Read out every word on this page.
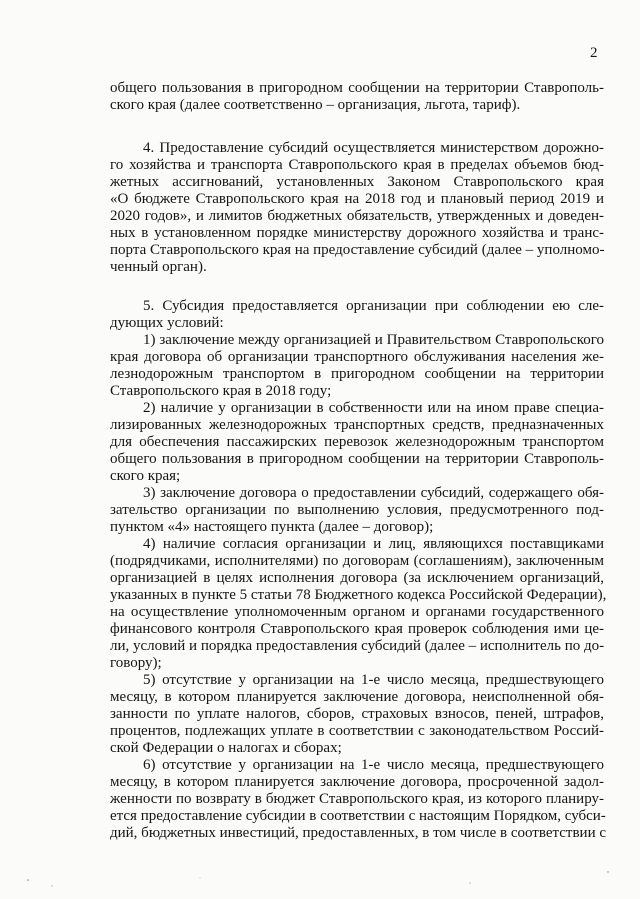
2
общего пользования в пригородном сообщении на территории Ставрополь-
ского края (далее соответственно – организация, льгота, тариф).
4. Предоставление субсидий осуществляется министерством дорожно-
го хозяйства и транспорта Ставропольского края в пределах объемов бюд-
жетных ассигнований, установленных Законом Ставропольского края
«О бюджете Ставропольского края на 2018 год и плановый период 2019 и
2020 годов», и лимитов бюджетных обязательств, утвержденных и доведен-
ных в установленном порядке министерству дорожного хозяйства и транс-
порта Ставропольского края на предоставление субсидий (далее – уполномо-
ченный орган).
5. Субсидия предоставляется организации при соблюдении ею сле-
дующих условий:
1) заключение между организацией и Правительством Ставропольского
края договора об организации транспортного обслуживания населения же-
лезнодорожным транспортом в пригородном сообщении на территории
Ставропольского края в 2018 году;
2) наличие у организации в собственности или на ином праве специа-
лизированных железнодорожных транспортных средств, предназначенных
для обеспечения пассажирских перевозок железнодорожным транспортом
общего пользования в пригородном сообщении на территории Ставрополь-
ского края;
3) заключение договора о предоставлении субсидий, содержащего обя-
зательство организации по выполнению условия, предусмотренного под-
пунктом «4» настоящего пункта (далее – договор);
4) наличие согласия организации и лиц, являющихся поставщиками
(подрядчиками, исполнителями) по договорам (соглашениям), заключенным
организацией в целях исполнения договора (за исключением организаций,
указанных в пункте 5 статьи 78 Бюджетного кодекса Российской Федерации),
на осуществление уполномоченным органом и органами государственного
финансового контроля Ставропольского края проверок соблюдения ими це-
ли, условий и порядка предоставления субсидий (далее – исполнитель по до-
говору);
5) отсутствие у организации на 1-е число месяца, предшествующего
месяцу, в котором планируется заключение договора, неисполненной обя-
занности по уплате налогов, сборов, страховых взносов, пеней, штрафов,
процентов, подлежащих уплате в соответствии с законодательством Россий-
ской Федерации о налогах и сборах;
6) отсутствие у организации на 1-е число месяца, предшествующего
месяцу, в котором планируется заключение договора, просроченной задол-
женности по возврату в бюджет Ставропольского края, из которого планиру-
ется предоставление субсидии в соответствии с настоящим Порядком, субси-
дий, бюджетных инвестиций, предоставленных, в том числе в соответствии с
